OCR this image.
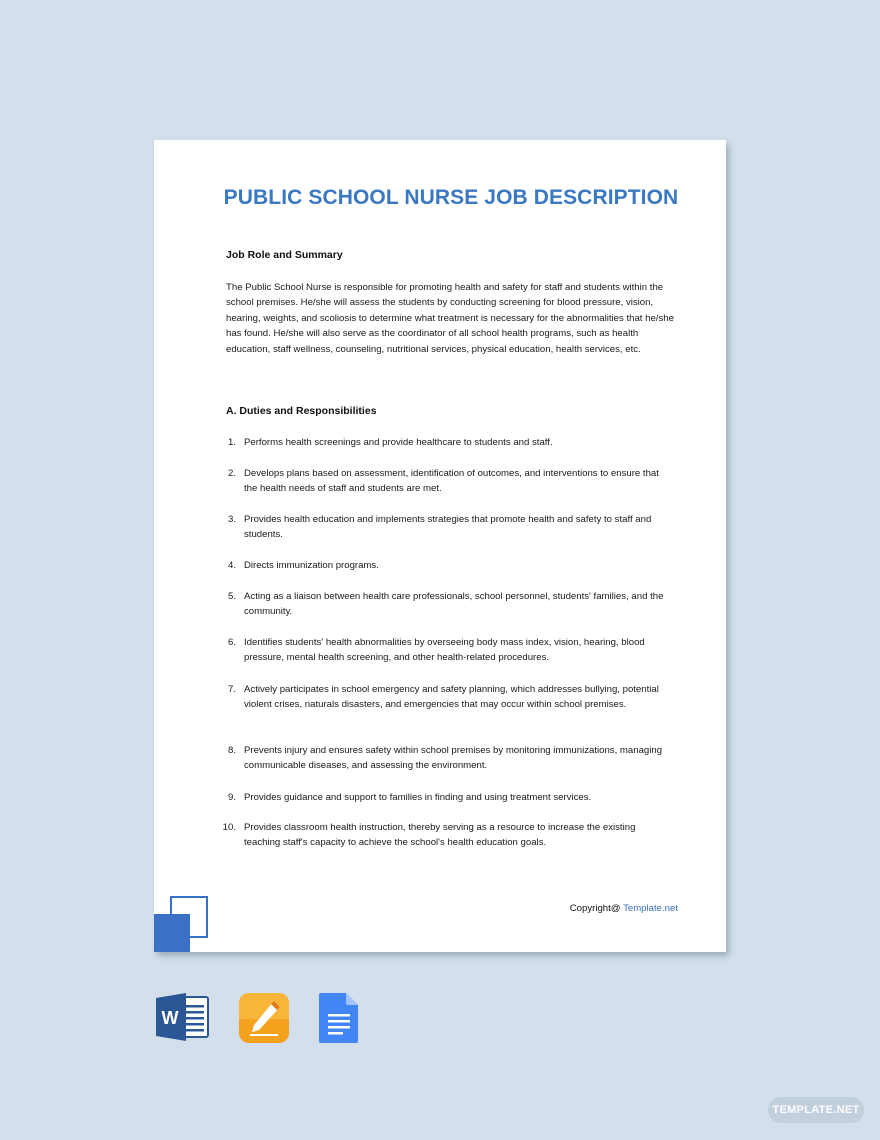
PUBLIC SCHOOL NURSE JOB DESCRIPTION
Job Role and Summary
The Public School Nurse is responsible for promoting health and safety for staff and students within the school premises. He/she will assess the students by conducting screening for blood pressure, vision, hearing, weights, and scoliosis to determine what treatment is necessary for the abnormalities that he/she has found. He/she will also serve as the coordinator of all school health programs, such as health education, staff wellness, counseling, nutritional services, physical education, health services, etc.
A. Duties and Responsibilities
1. Performs health screenings and provide healthcare to students and staff.
2. Develops plans based on assessment, identification of outcomes, and interventions to ensure that the health needs of staff and students are met.
3. Provides health education and implements strategies that promote health and safety to staff and students.
4. Directs immunization programs.
5. Acting as a liaison between health care professionals, school personnel, students' families, and the community.
6. Identifies students' health abnormalities by overseeing body mass index, vision, hearing, blood pressure, mental health screening, and other health-related procedures.
7. Actively participates in school emergency and safety planning, which addresses bullying, potential violent crises, naturals disasters, and emergencies that may occur within school premises.
8. Prevents injury and ensures safety within school premises by monitoring immunizations, managing communicable diseases, and assessing the environment.
9. Provides guidance and support to families in finding and using treatment services.
10. Provides classroom health instruction, thereby serving as a resource to increase the existing teaching staff's capacity to achieve the school's health education goals.
Copyright@ Template.net
W
TEMPLATE.NET
